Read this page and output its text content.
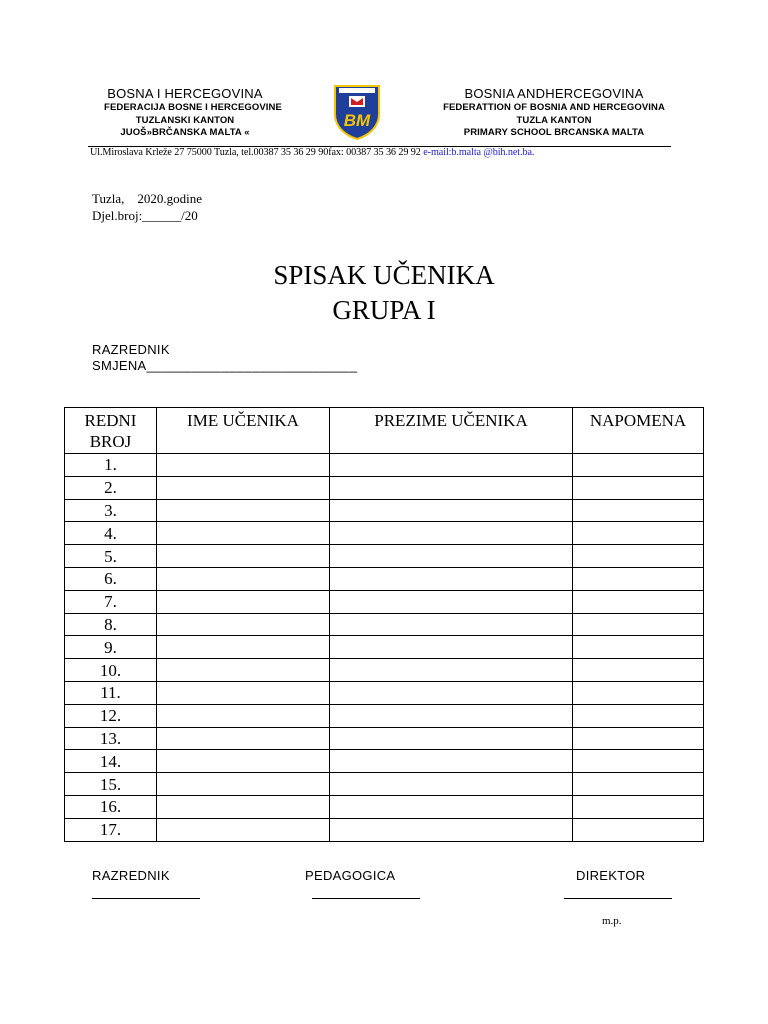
BOSNA I HERCEGOVINA
FEDERACIJA BOSNE I HERCEGOVINE
TUZLANSKI KANTON
JUOŠ»BRČANSKA MALTA «
BM
BOSNIA ANDHERCEGOVINA
FEDERATTION OF BOSNIA AND HERCEGOVINA
TUZLA KANTON
PRIMARY SCHOOL BRCANSKA MALTA
Ul.Miroslava Krleže 27 75000 Tuzla, tel.00387 35 36 29 90fax: 00387 35 36 29 92 e-mail:b.malta @bih.net.ba.
Tuzla,    2020.godine
Djel.broj:______/20
SPISAK UČENIKA
GRUPA I
RAZREDNIK
SMJENA____________________________
REDNI
BROJ	IME UČENIKA	PREZIME UČENIKA	NAPOMENA
1.			
2.			
3.			
4.			
5.			
6.			
7.			
8.			
9.			
10.			
11.			
12.			
13.			
14.			
15.			
16.			
17.			
RAZREDNIK	PEDAGOGICA	DIREKTOR
m.p.
